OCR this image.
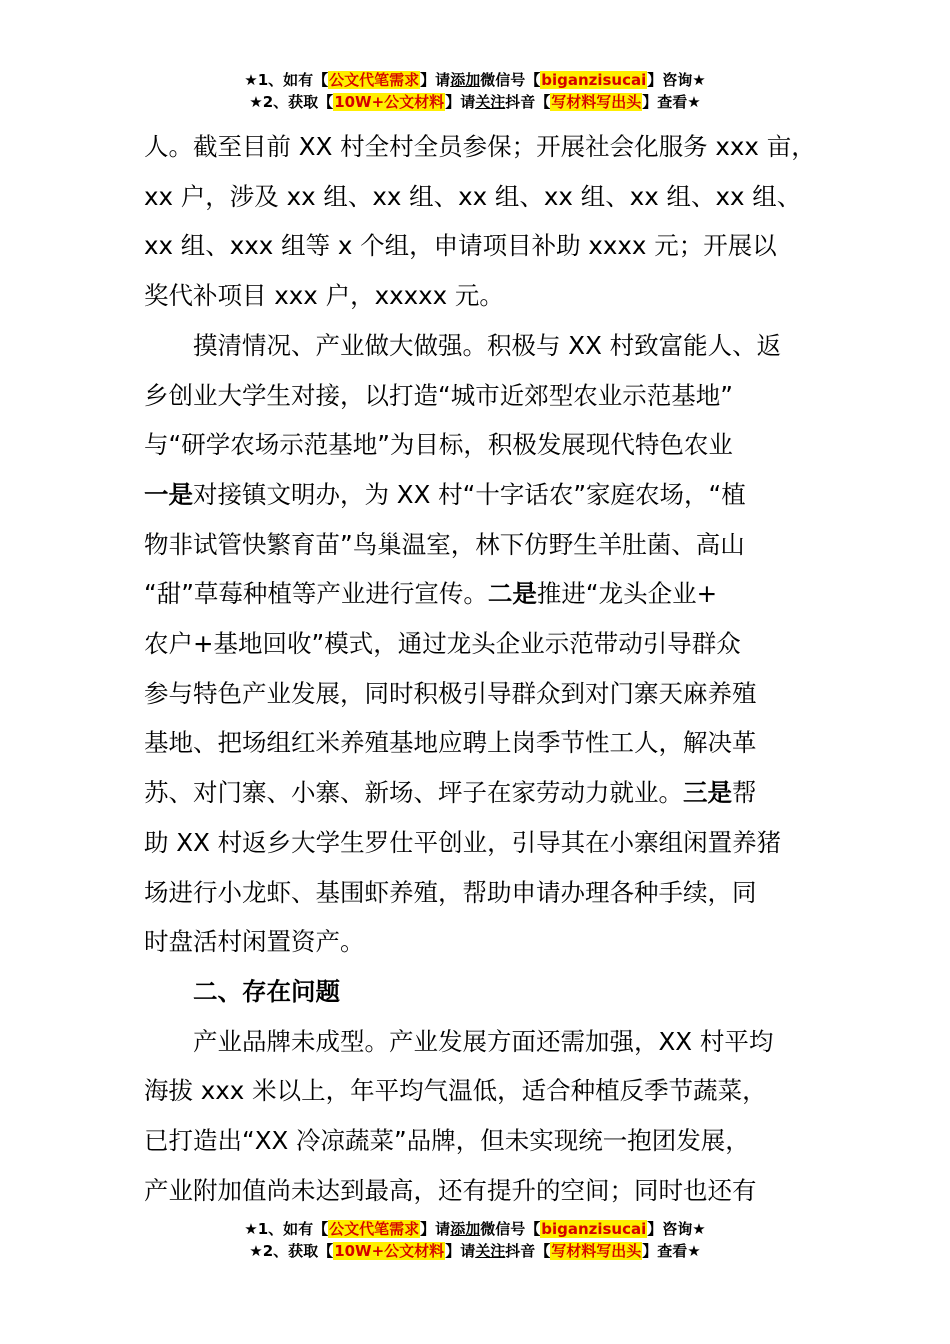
★1、如有【公文代笔需求】请添加微信号【biganzisucai】咨询★
★2、获取【10W+公文材料】请关注抖音【写材料写出头】查看★

人。截至目前 XX 村全村全员参保；开展社会化服务 xxx 亩，
xx 户，涉及 xx 组、xx 组、xx 组、xx 组、xx 组、xx 组、
xx 组、xxx 组等 x 个组，申请项目补助 xxxx 元；开展以
奖代补项目 xxx 户，xxxxx 元。

摸清情况、产业做大做强。积极与 XX 村致富能人、返
乡创业大学生对接，以打造“城市近郊型农业示范基地”
与“研学农场示范基地”为目标，积极发展现代特色农业
一是对接镇文明办，为 XX 村“十字话农”家庭农场，“植
物非试管快繁育苗”鸟巢温室，林下仿野生羊肚菌、高山
“甜”草莓种植等产业进行宣传。二是推进“龙头企业+
农户+基地回收”模式，通过龙头企业示范带动引导群众
参与特色产业发展，同时积极引导群众到对门寨天麻养殖
基地、把场组红米养殖基地应聘上岗季节性工人，解决革
苏、对门寨、小寨、新场、坪子在家劳动力就业。三是帮
助 XX 村返乡大学生罗仕平创业，引导其在小寨组闲置养猪
场进行小龙虾、基围虾养殖，帮助申请办理各种手续，同
时盘活村闲置资产。

二、存在问题

产业品牌未成型。产业发展方面还需加强，XX 村平均
海拔 xxx 米以上，年平均气温低，适合种植反季节蔬菜，
已打造出“XX 冷凉蔬菜”品牌，但未实现统一抱团发展，
产业附加值尚未达到最高，还有提升的空间；同时也还有

★1、如有【公文代笔需求】请添加微信号【biganzisucai】咨询★
★2、获取【10W+公文材料】请关注抖音【写材料写出头】查看★
